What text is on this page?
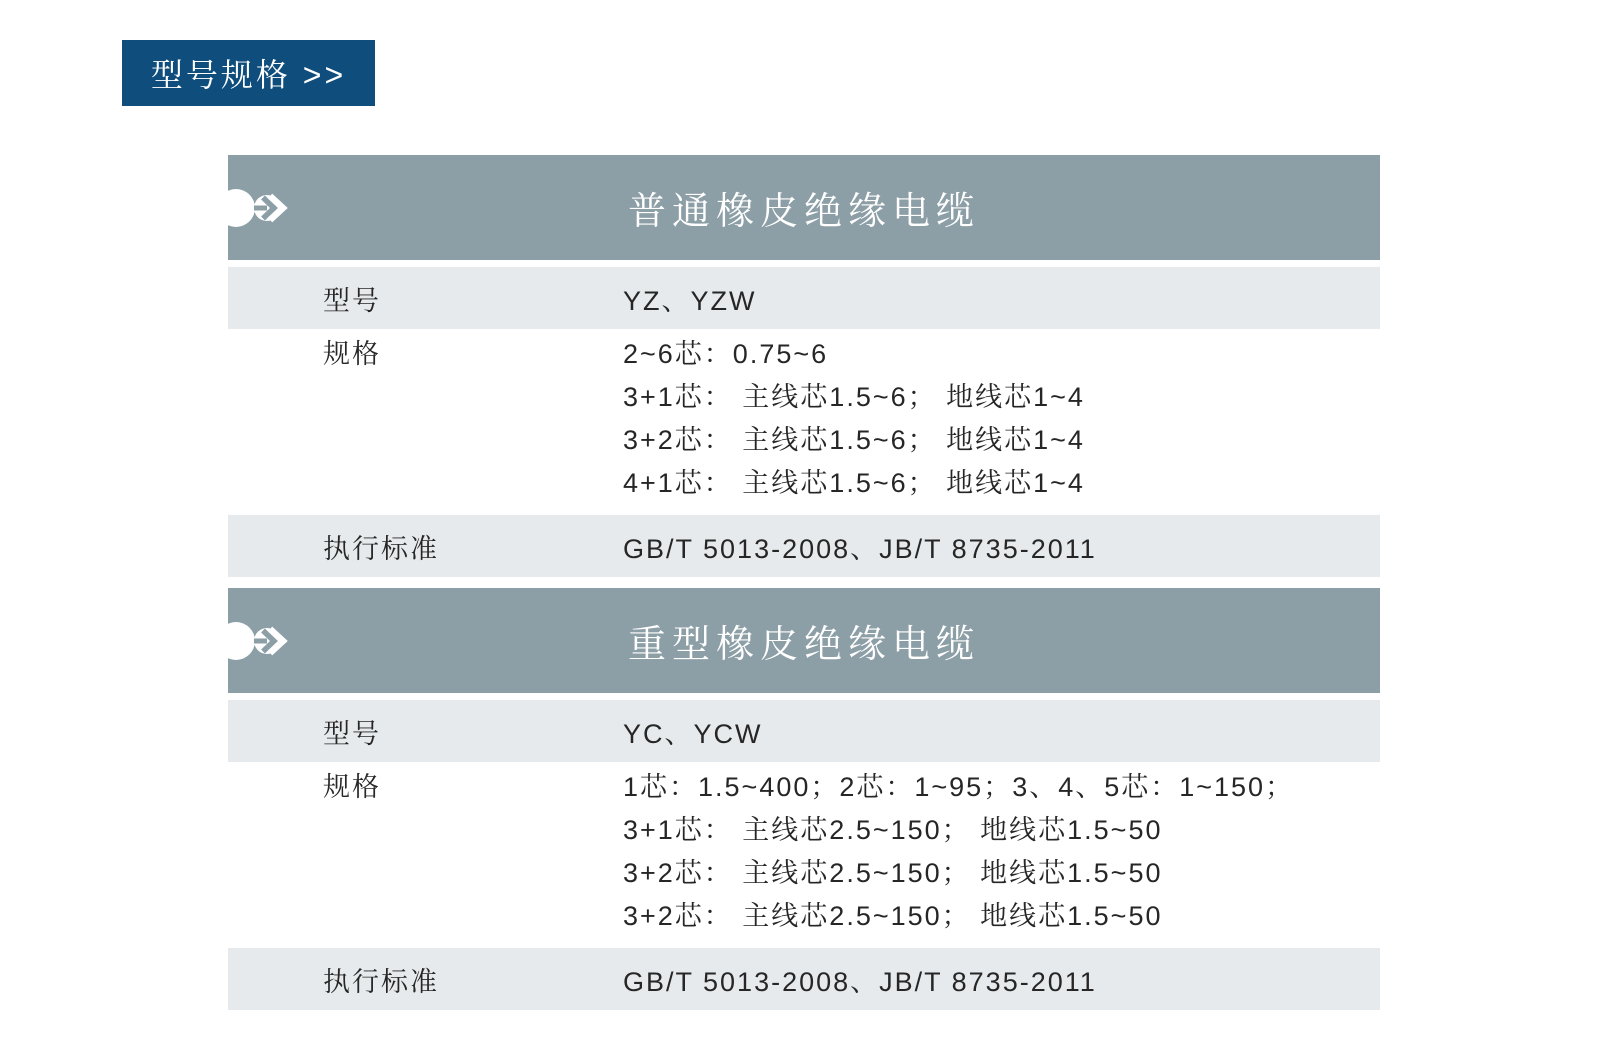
型号规格 >>
普通橡皮绝缘电缆
型号	YZ、YZW
规格	2~6芯：0.75~6
3+1芯： 主线芯1.5~6； 地线芯1~4
3+2芯： 主线芯1.5~6； 地线芯1~4
4+1芯： 主线芯1.5~6； 地线芯1~4
执行标准	GB/T 5013-2008、JB/T 8735-2011
重型橡皮绝缘电缆
型号	YC、YCW
规格	1芯：1.5~400；2芯：1~95；3、4、5芯：1~150；
3+1芯： 主线芯2.5~150； 地线芯1.5~50
3+2芯： 主线芯2.5~150； 地线芯1.5~50
3+2芯： 主线芯2.5~150； 地线芯1.5~50
执行标准	GB/T 5013-2008、JB/T 8735-2011
